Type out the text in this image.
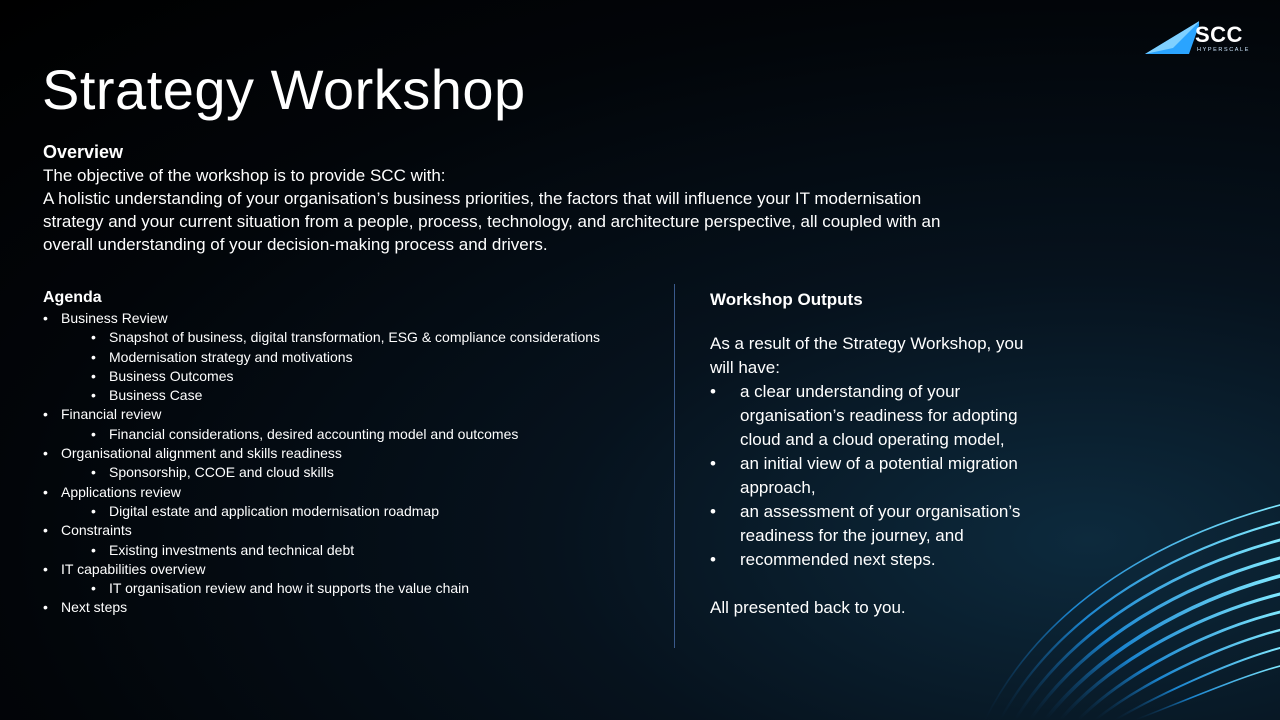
SCC
HYPERSCALE
Strategy Workshop
Overview
The objective of the workshop is to provide SCC with:
A holistic understanding of your organisation’s business priorities, the factors that will influence your IT modernisation strategy and your current situation from a people, process, technology, and architecture perspective, all coupled with an overall understanding of your decision-making process and drivers.
Agenda
• Business Review
• Snapshot of business, digital transformation, ESG & compliance considerations
• Modernisation strategy and motivations
• Business Outcomes
• Business Case
• Financial review
• Financial considerations, desired accounting model and outcomes
• Organisational alignment and skills readiness
• Sponsorship, CCOE and cloud skills
• Applications review
• Digital estate and application modernisation roadmap
• Constraints
• Existing investments and technical debt
• IT capabilities overview
• IT organisation review and how it supports the value chain
• Next steps
Workshop Outputs
As a result of the Strategy Workshop, you will have:
• a clear understanding of your organisation’s readiness for adopting cloud and a cloud operating model,
• an initial view of a potential migration approach,
• an assessment of your organisation’s readiness for the journey, and
• recommended next steps.
All presented back to you.
